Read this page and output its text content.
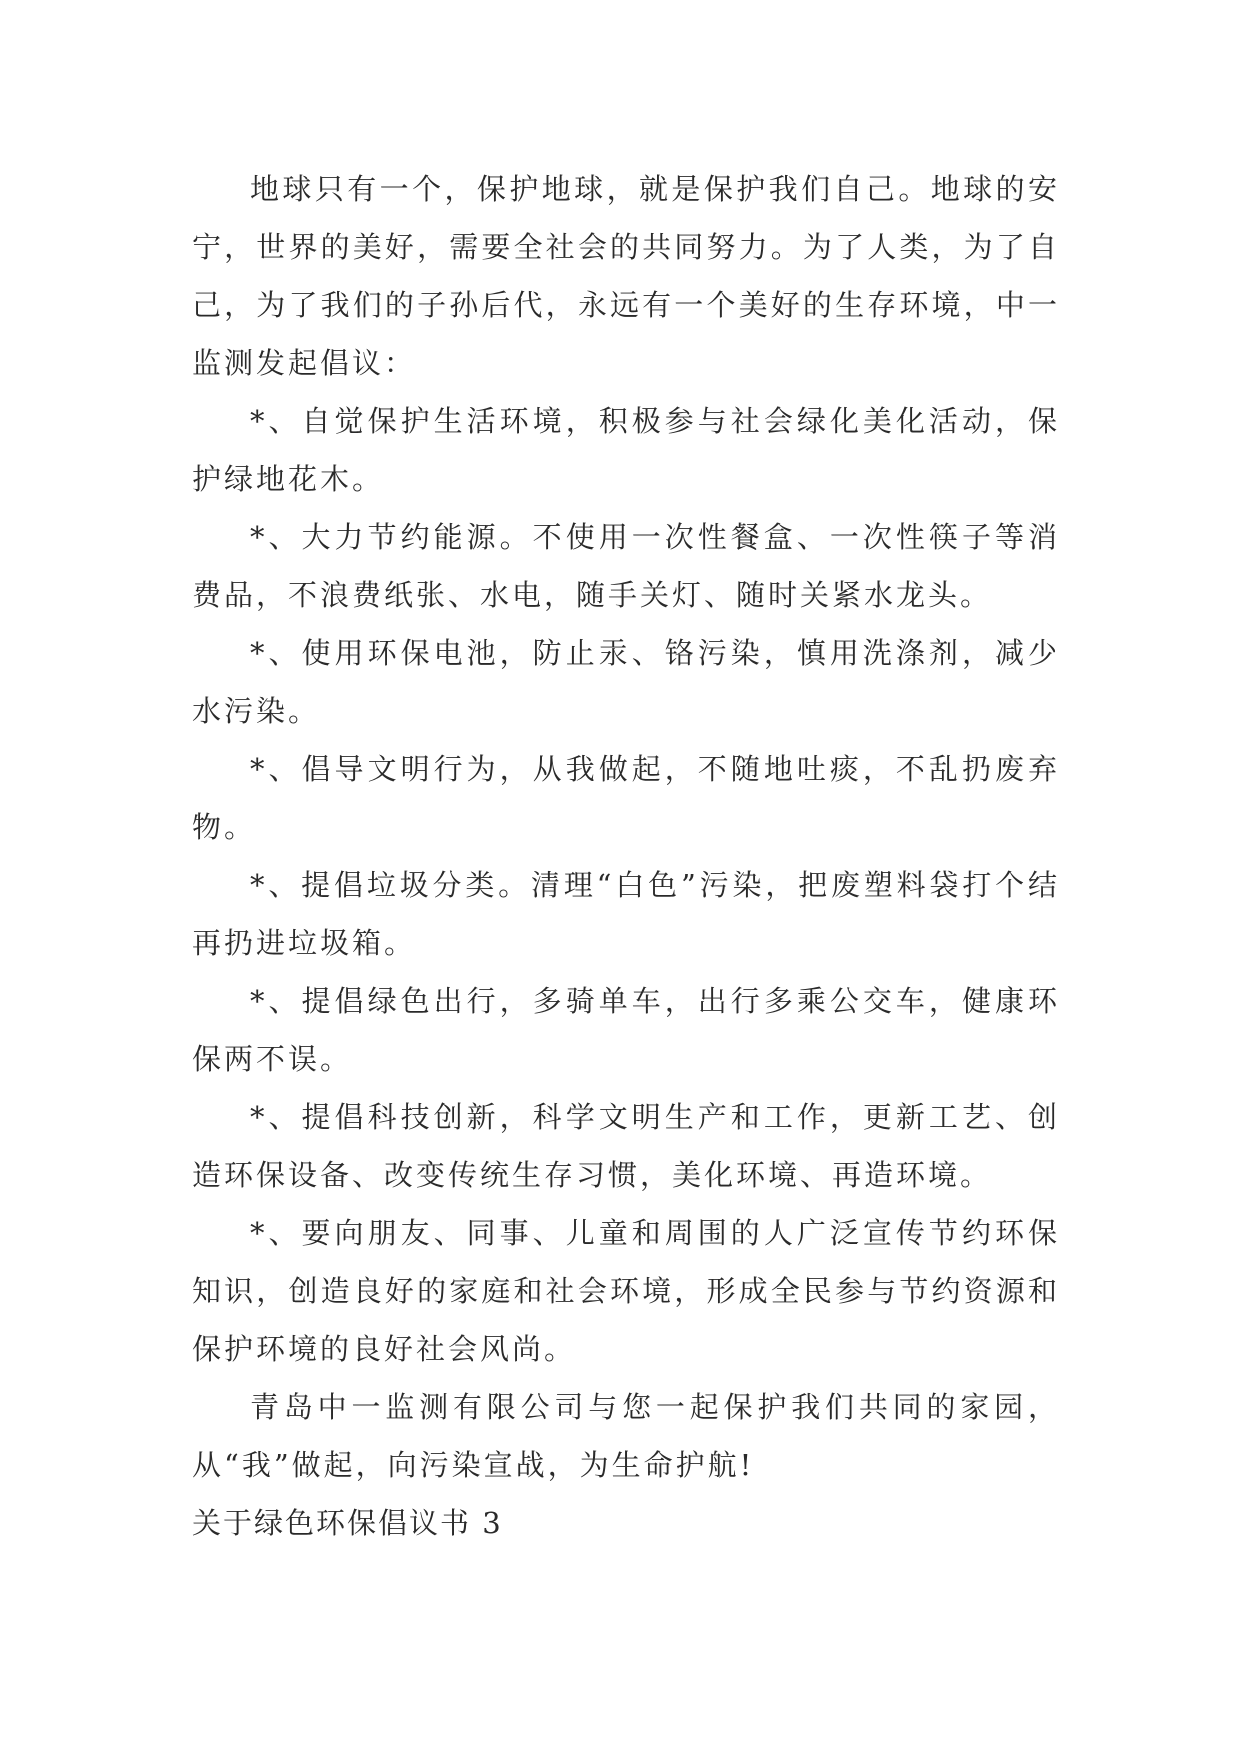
地球只有一个，保护地球，就是保护我们自己。地球的安宁，世界的美好，需要全社会的共同努力。为了人类，为了自己，为了我们的子孙后代，永远有一个美好的生存环境，中一监测发起倡议：

*、自觉保护生活环境，积极参与社会绿化美化活动，保护绿地花木。

*、大力节约能源。不使用一次性餐盒、一次性筷子等消费品，不浪费纸张、水电，随手关灯、随时关紧水龙头。

*、使用环保电池，防止汞、铬污染，慎用洗涤剂，减少水污染。

*、倡导文明行为，从我做起，不随地吐痰，不乱扔废弃物。

*、提倡垃圾分类。清理“白色”污染，把废塑料袋打个结再扔进垃圾箱。

*、提倡绿色出行，多骑单车，出行多乘公交车，健康环保两不误。

*、提倡科技创新，科学文明生产和工作，更新工艺、创造环保设备、改变传统生存习惯，美化环境、再造环境。

*、要向朋友、同事、儿童和周围的人广泛宣传节约环保知识，创造良好的家庭和社会环境，形成全民参与节约资源和保护环境的良好社会风尚。

青岛中一监测有限公司与您一起保护我们共同的家园，从“我”做起，向污染宣战，为生命护航!

关于绿色环保倡议书 3
